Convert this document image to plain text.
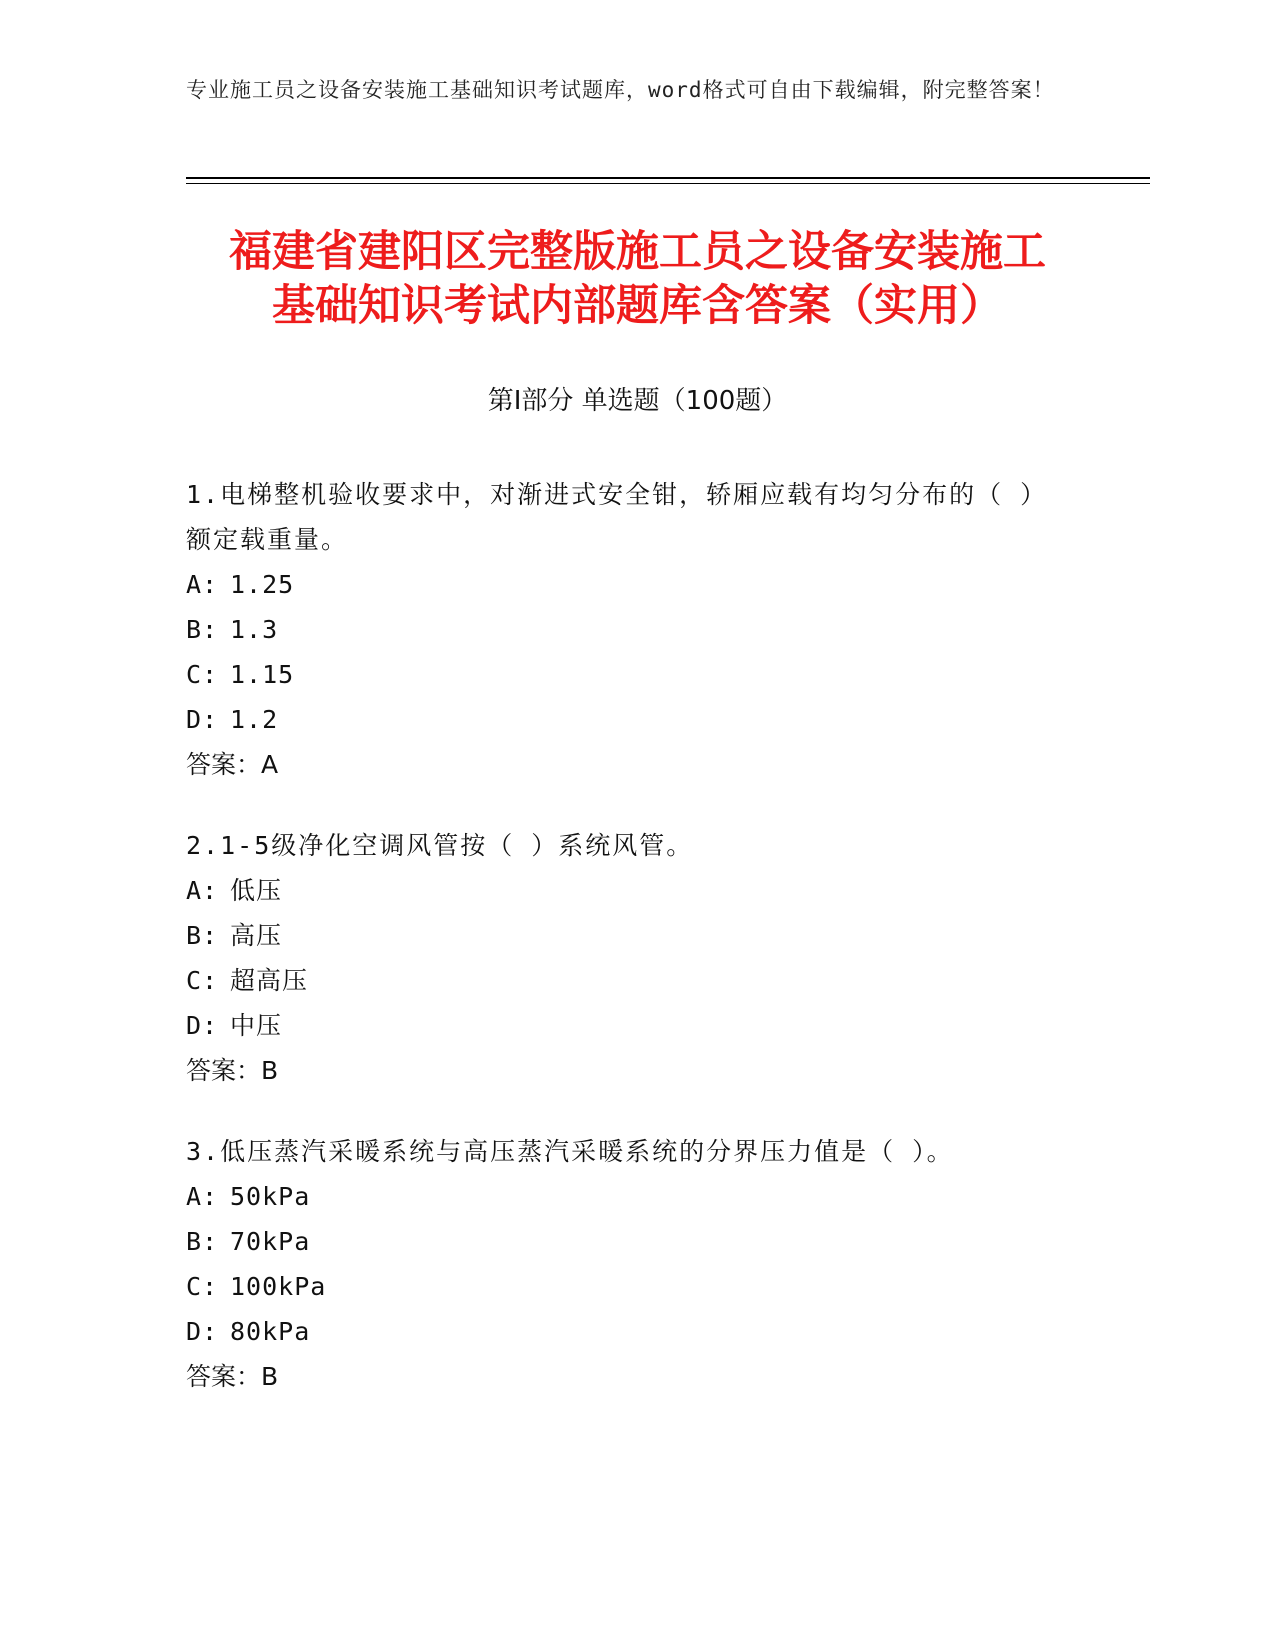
专业施工员之设备安装施工基础知识考试题库，word格式可自由下载编辑，附完整答案！
福建省建阳区完整版施工员之设备安装施工
基础知识考试内部题库含答案（实用）
第Ⅰ部分 单选题（100题）

1.电梯整机验收要求中，对渐进式安全钳，轿厢应载有均匀分布的（ ）额定载重量。

A: 1.25

B: 1.3

C: 1.15

D: 1.2

答案：A

2.1-5级净化空调风管按（ ）系统风管。

A: 低压

B: 高压

C: 超高压

D: 中压

答案：B

3.低压蒸汽采暖系统与高压蒸汽采暖系统的分界压力值是（ ）。

A: 50kPa

B: 70kPa

C: 100kPa

D: 80kPa

答案：B
